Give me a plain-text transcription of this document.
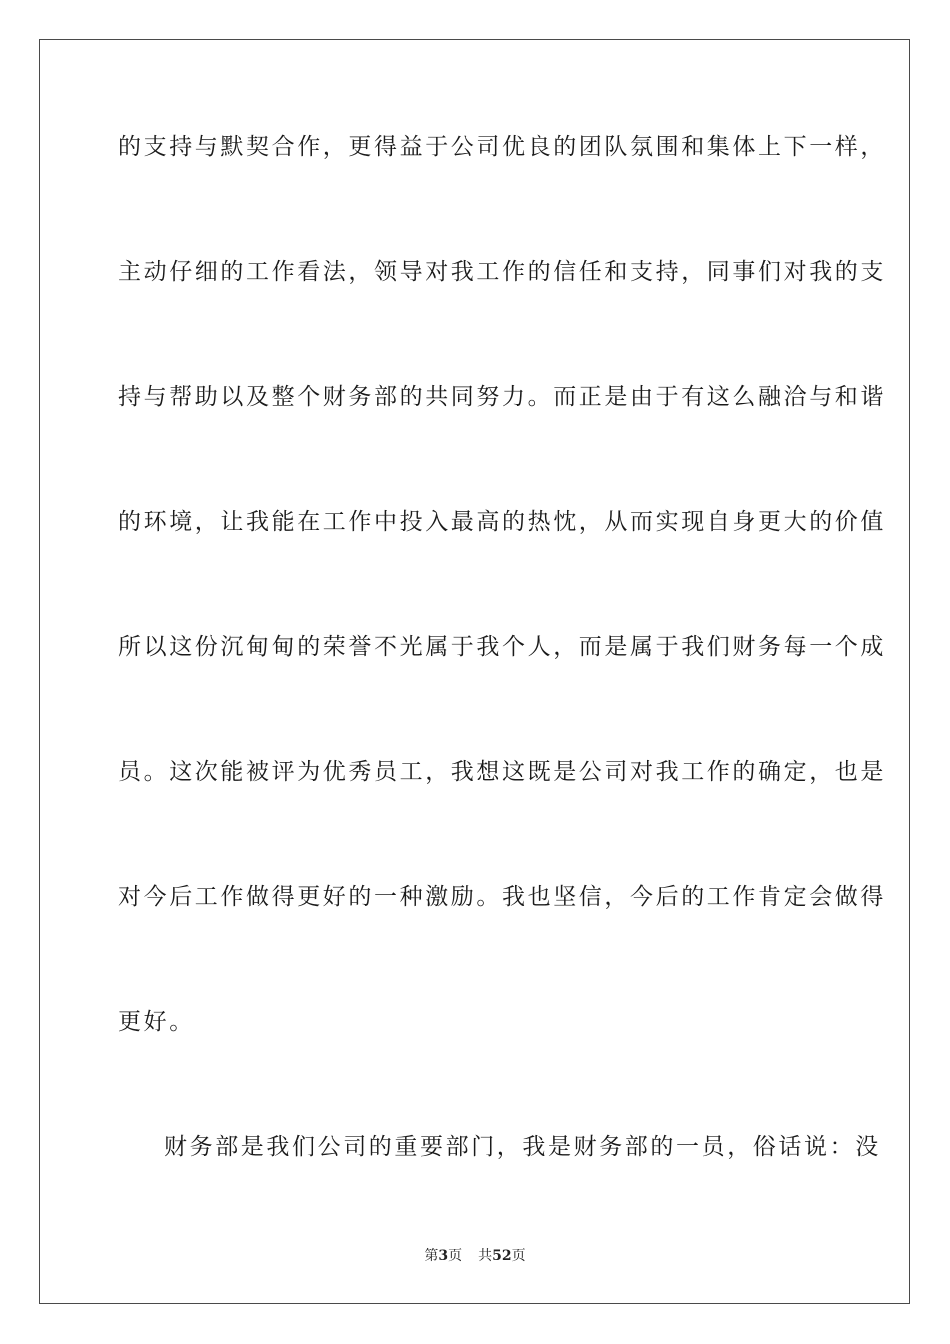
的支持与默契合作，更得益于公司优良的团队氛围和集体上下一样，
主动仔细的工作看法，领导对我工作的信任和支持，同事们对我的支
持与帮助以及整个财务部的共同努力。而正是由于有这么融洽与和谐
的环境，让我能在工作中投入最高的热忱，从而实现自身更大的价值
所以这份沉甸甸的荣誉不光属于我个人，而是属于我们财务每一个成
员。这次能被评为优秀员工，我想这既是公司对我工作的确定，也是
对今后工作做得更好的一种激励。我也坚信，今后的工作肯定会做得
更好。
财务部是我们公司的重要部门，我是财务部的一员，俗话说：没
第3页 共52页
